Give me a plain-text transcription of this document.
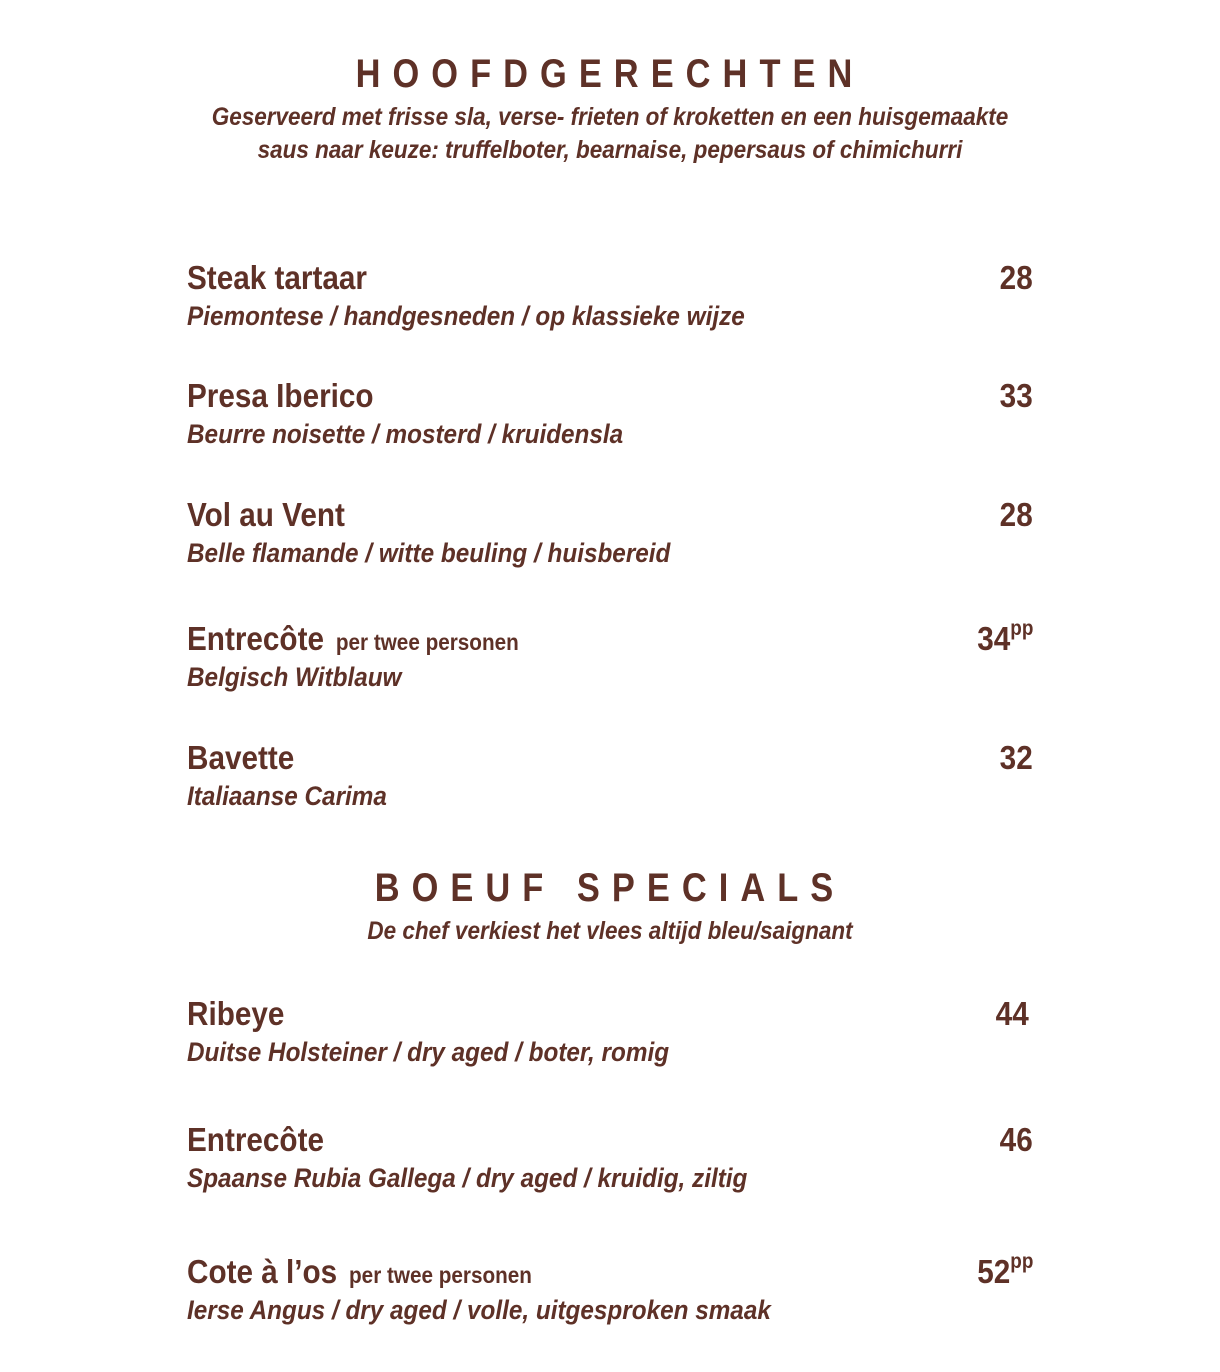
HOOFDGERECHTEN

Geserveerd met frisse sla, verse- frieten of kroketten en een huisgemaakte

saus naar keuze: truffelboter, bearnaise, pepersaus of chimichurri

Steak tartaar	28
Piemontese / handgesneden / op klassieke wijze
Presa Iberico	33
Beurre noisette / mosterd / kruidensla
Vol au Vent	28
Belle flamande / witte beuling / huisbereid
Entrecôte per twee personen	$34^{pp}$
Belgisch Witblauw
Bavette	32
Italiaanse Carima
BOEUF SPECIALS

De chef verkiest het vlees altijd bleu/saignant

Ribeye	44
Duitse Holsteiner / dry aged / boter, romig
Entrecôte	46
Spaanse Rubia Gallega / dry aged / kruidig, ziltig
Cote à l’os per twee personen	$52^{pp}$
Ierse Angus / dry aged / volle, uitgesproken smaak
